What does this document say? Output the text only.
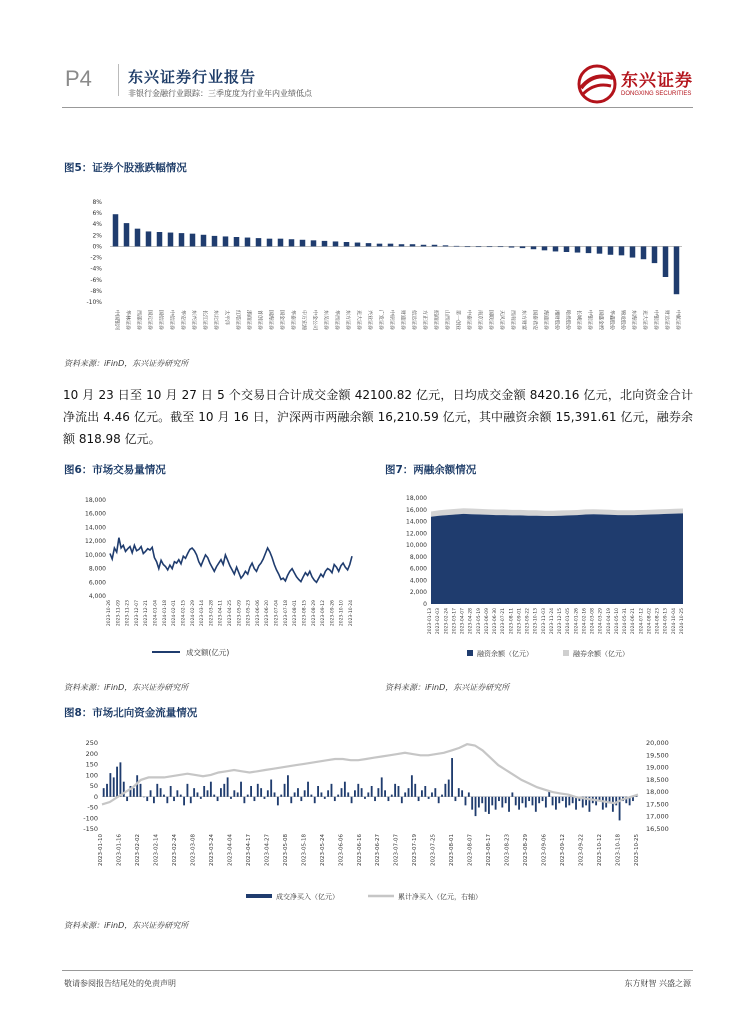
P4 东兴证券行业报告
非银行金融行业跟踪：三季度度为行业年内业绩低点
东兴证券
DONGXING SECURITIES
图5：证券个股涨跌幅情况
8%
6%
4%
2%
0%
-2%
-4%
-6%
-8%
-10%
中国银河 华林证券 西部证券 国元证券 国信证券 中信证券 华安证券 东兴证券 长江证券 东北证券 太平洋 红塔证券 浙商证券 首创证券 国海证券 国金证券 华泰证券 申万宏源 中金公司 东吴证券 华西证券 东方证券 光大证券 兴业证券 广发证券 中原证券 财通证券 信达证券 方正证券 招商证券 山西证券 第一创业 中泰证券 南京证券 国联证券 天风证券 西南证券 东方财富 国泰君安 海通证券 湘财股份 哈投股份 长城证券 中银证券 国盛金控 华鑫股份 锦龙股份 东海证券 光大证券 中银证券 财达证券 中航证券
资料来源：iFinD，东兴证券研究所
10 月 23 日至 10 月 27 日 5 个交易日合计成交金额 42100.82 亿元，日均成交金额 8420.16 亿元，北向资金合计净流出 4.46 亿元。截至 10 月 16 日，沪深两市两融余额 16,210.59 亿元，其中融资余额 15,391.61 亿元，融券余额 818.98 亿元。
图6：市场交易量情况
18,000
16,000
14,000
12,000
10,000
8,000
6,000
4,000
2023-10-26 2023-11-09 2023-11-23 2023-12-07 2023-12-21 2024-01-04 2024-01-18 2024-02-01 2024-02-15 2024-02-29 2023-03-14 2023-03-28 2023-04-11 2023-04-25 2023-05-09 2023-05-23 2023-06-06 2023-06-20 2023-07-04 2023-07-18 2023-08-01 2023-08-15 2023-08-29 2023-09-12 2023-09-26 2023-10-10 2023-10-24
成交额(亿元)
资料来源：iFinD，东兴证券研究所
图7：两融余额情况
18,000
16,000
14,000
12,000
10,000
8,000
6,000
4,000
2,000
0
2023-01-13 2023-02-03 2023-02-24 2023-03-17 2023-04-07 2023-04-28 2023-05-19 2023-06-09 2023-06-30 2023-07-21 2023-08-11 2023-09-01 2023-09-22 2023-10-13 2023-11-03 2023-11-24 2023-12-15 2024-01-05 2024-01-26 2024-02-16 2024-03-08 2024-03-29 2024-04-19 2024-05-10 2024-05-31 2024-06-21 2024-07-12 2024-08-02 2024-08-23 2024-09-13 2024-10-04 2024-10-25
融资余额（亿元）	融券余额（亿元）
资料来源：iFinD，东兴证券研究所
图8：市场北向资金流量情况
250
200
150
100
50
0
-50
-100
-150
20,000
19,500
19,000
18,500
18,000
17,500
17,000
16,500
2023-01-10 2023-01-16 2023-02-02 2023-02-14 2023-02-24 2023-03-08 2023-03-24 2023-04-04 2023-04-17 2023-04-27 2023-05-08 2023-05-18 2023-05-24 2023-06-06 2023-06-16 2023-06-27 2023-07-07 2023-07-19 2023-07-25 2023-08-01 2023-08-07 2023-08-17 2023-08-23 2023-08-29 2023-09-06 2023-09-12 2023-09-22 2023-10-12 2023-10-18 2023-10-25
成交净买入（亿元）	累计净买入（亿元，右轴）
资料来源：iFinD，东兴证券研究所
敬请参阅报告结尾处的免责声明	东方财智 兴盛之源
